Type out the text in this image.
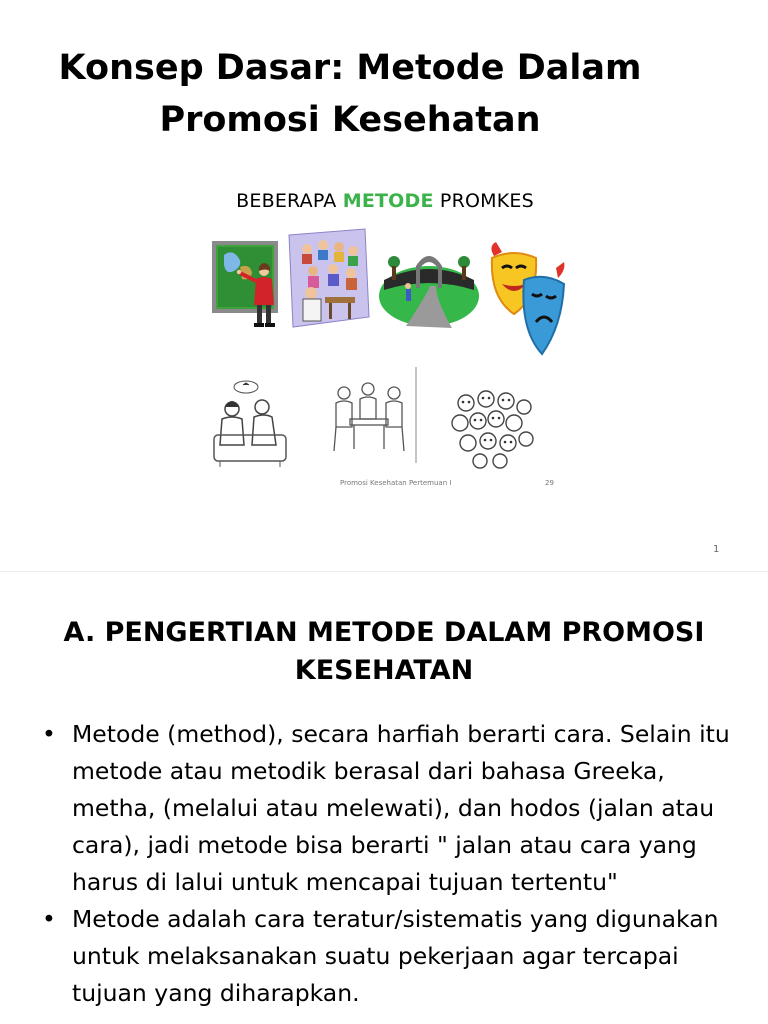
Konsep Dasar: Metode Dalam Promosi Kesehatan

BEBERAPA METODE PROMKES

Promosi Kesehatan Pertemuan I	29
1
A. PENGERTIAN METODE DALAM PROMOSI KESEHATAN
• Metode (method), secara harfiah berarti cara. Selain itu metode atau metodik berasal dari bahasa Greeka, metha, (melalui atau melewati), dan hodos (jalan atau cara), jadi metode bisa berarti " jalan atau cara yang harus di lalui untuk mencapai tujuan tertentu"
• Metode adalah cara teratur/sistematis yang digunakan untuk melaksanakan suatu pekerjaan agar tercapai tujuan yang diharapkan.
